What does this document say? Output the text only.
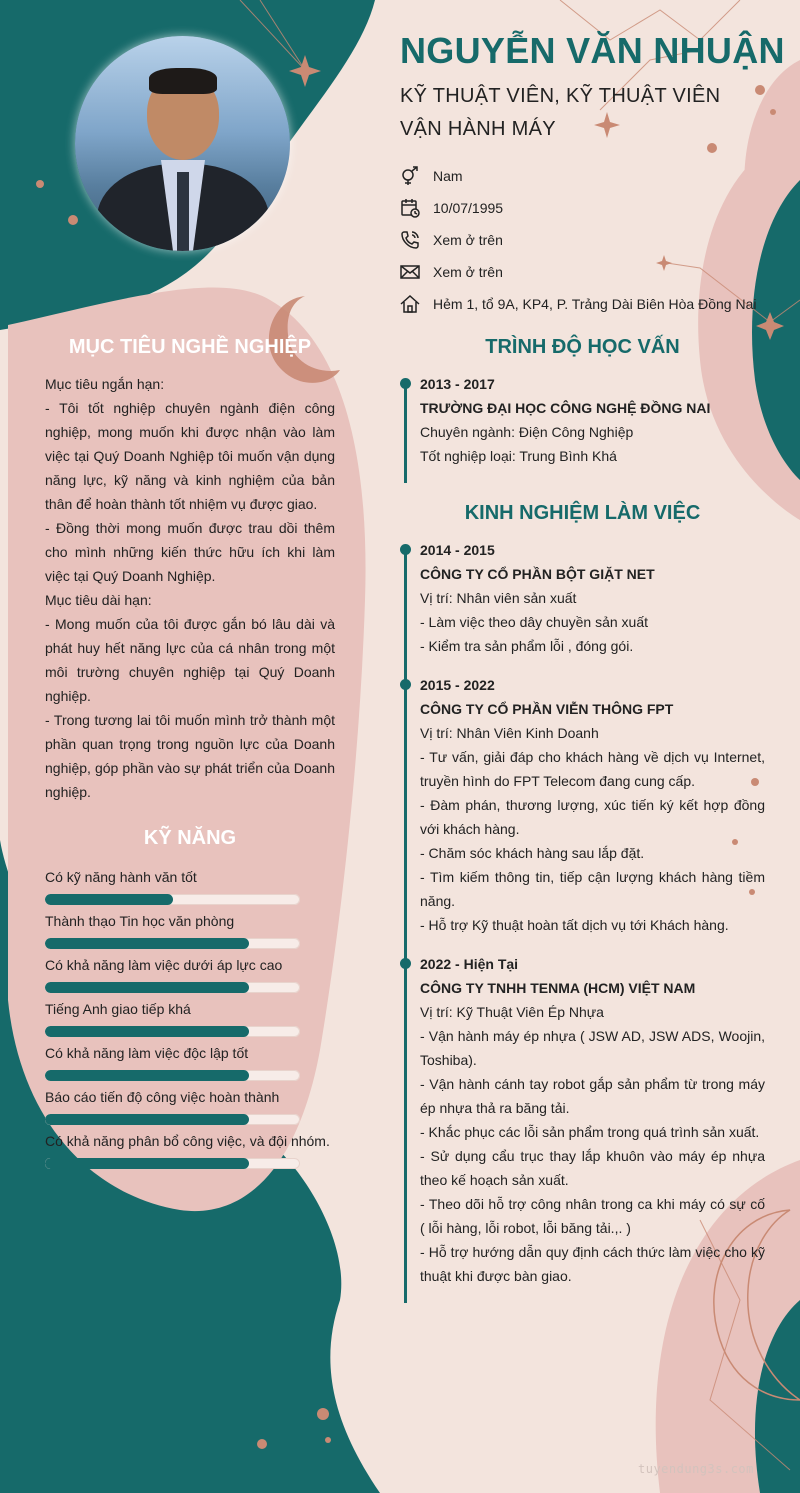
NGUYỄN VĂN NHUẬN

KỸ THUẬT VIÊN, KỸ THUẬT VIÊN VẬN HÀNH MÁY

Nam
10/07/1995
Xem ở trên
Xem ở trên
Hẻm 1, tổ 9A, KP4, P. Trảng Dài Biên Hòa Đồng Nai
MỤC TIÊU NGHỀ NGHIỆP

Mục tiêu ngắn hạn:

- Tôi tốt nghiệp chuyên ngành điện công nghiệp, mong muốn khi được nhận vào làm việc tại Quý Doanh Nghiệp tôi muốn vận dụng năng lực, kỹ năng và kinh nghiệm của bản thân để hoàn thành tốt nhiệm vụ được giao.

- Đồng thời mong muốn được trau dồi thêm cho mình những kiến thức hữu ích khi làm việc tại Quý Doanh Nghiệp.

Mục tiêu dài hạn:

- Mong muốn của tôi được gắn bó lâu dài và phát huy hết năng lực của cá nhân trong một môi trường chuyên nghiệp tại Quý Doanh nghiệp.

- Trong tương lai tôi muốn mình trở thành một phần quan trọng trong nguồn lực của Doanh nghiệp, góp phần vào sự phát triển của Doanh nghiệp.

KỸ NĂNG
Có kỹ năng hành văn tốt
Thành thạo Tin học văn phòng
Có khả năng làm việc dưới áp lực cao
Tiếng Anh giao tiếp khá
Có khả năng làm việc độc lập tốt
Báo cáo tiến độ công việc hoàn thành
Có khả năng phân bổ công việc, và đội nhóm.
TRÌNH ĐỘ HỌC VẤN

2013 - 2017

TRƯỜNG ĐẠI HỌC CÔNG NGHỆ ĐỒNG NAI

Chuyên ngành: Điện Công Nghiệp

Tốt nghiệp loại: Trung Bình Khá

KINH NGHIỆM LÀM VIỆC

2014 - 2015

CÔNG TY CỔ PHẦN BỘT GIẶT NET

Vị trí: Nhân viên sản xuất

- Làm việc theo dây chuyền sản xuất

- Kiểm tra sản phẩm lỗi , đóng gói.

2015 - 2022

CÔNG TY CỔ PHẦN VIỄN THÔNG FPT

Vị trí: Nhân Viên Kinh Doanh

- Tư vấn, giải đáp cho khách hàng về dịch vụ Internet, truyền hình do FPT Telecom đang cung cấp.

- Đàm phán, thương lượng, xúc tiến ký kết hợp đồng với khách hàng.

- Chăm sóc khách hàng sau lắp đặt.

- Tìm kiếm thông tin, tiếp cận lượng khách hàng tiềm năng.

- Hỗ trợ Kỹ thuật hoàn tất dịch vụ tới Khách hàng.

2022 - Hiện Tại

CÔNG TY TNHH TENMA (HCM) VIỆT NAM

Vị trí: Kỹ Thuật Viên Ép Nhựa

- Vận hành máy ép nhựa ( JSW AD, JSW ADS, Woojin, Toshiba).

- Vận hành cánh tay robot gắp sản phẩm từ trong máy ép nhựa thả ra băng tải.

- Khắc phục các lỗi sản phẩm trong quá trình sản xuất.

- Sử dụng cẩu trục thay lắp khuôn vào máy ép nhựa theo kế hoạch sản xuất.

- Theo dõi hỗ trợ công nhân trong ca khi máy có sự cố ( lỗi hàng, lỗi robot, lỗi băng tải.,. )

- Hỗ trợ hướng dẫn quy định cách thức làm việc cho kỹ thuật khi được bàn giao.

tuyendung3s.com
